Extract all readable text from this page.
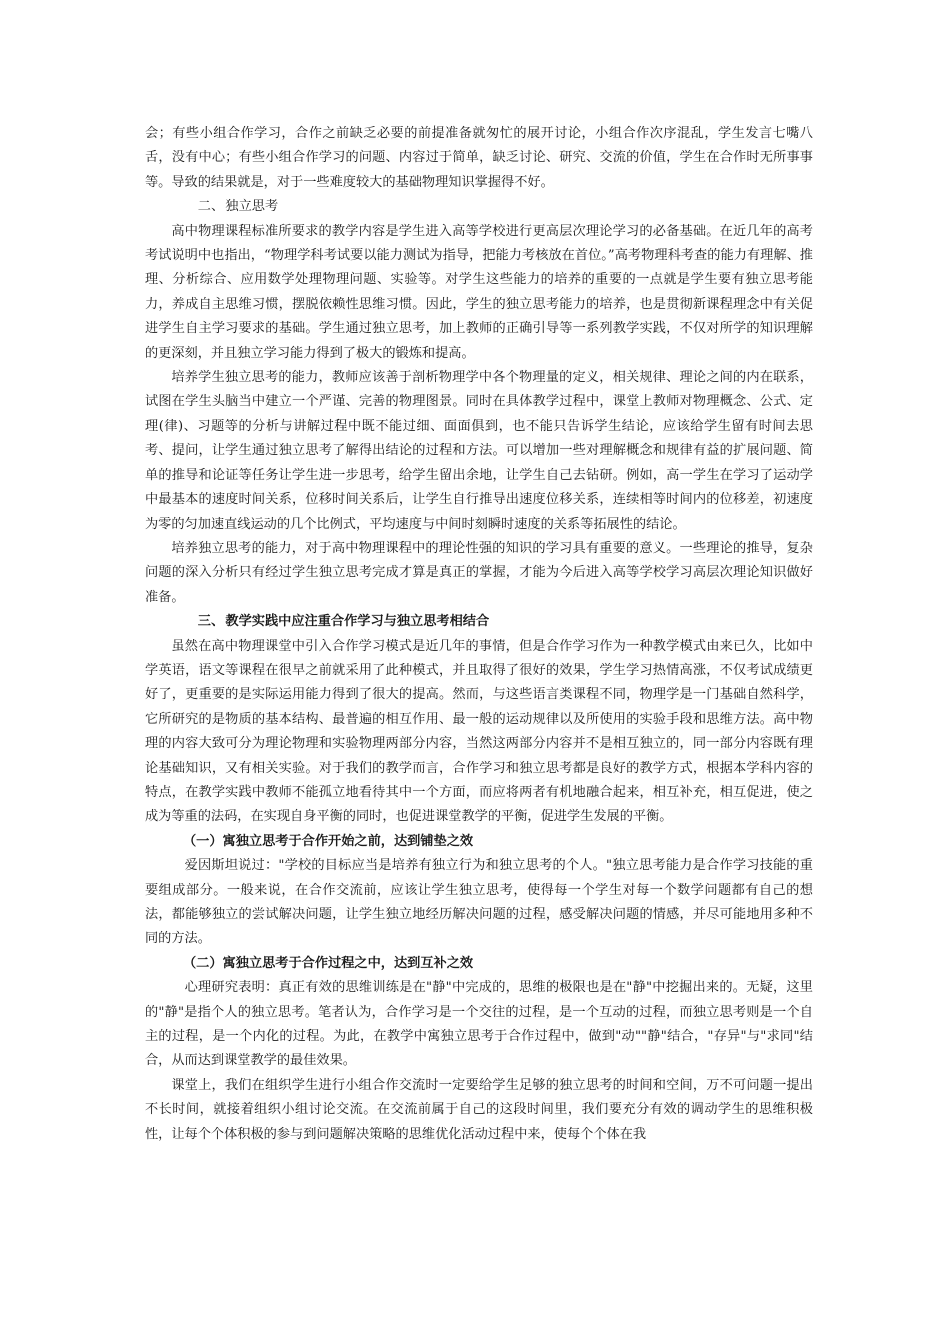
会；有些小组合作学习，合作之前缺乏必要的前提准备就匆忙的展开讨论，小组合作次序混乱，学生发言七嘴八舌，没有中心；有些小组合作学习的问题、内容过于简单，缺乏讨论、研究、交流的价值，学生在合作时无所事事等。导致的结果就是，对于一些难度较大的基础物理知识掌握得不好。

二、独立思考

高中物理课程标准所要求的教学内容是学生进入高等学校进行更高层次理论学习的必备基础。在近几年的高考考试说明中也指出，“物理学科考试要以能力测试为指导，把能力考核放在首位。”高考物理科考查的能力有理解、推理、分析综合、应用数学处理物理问题、实验等。对学生这些能力的培养的重要的一点就是学生要有独立思考能力，养成自主思维习惯，摆脱依赖性思维习惯。因此，学生的独立思考能力的培养，也是贯彻新课程理念中有关促进学生自主学习要求的基础。学生通过独立思考，加上教师的正确引导等一系列教学实践，不仅对所学的知识理解的更深刻，并且独立学习能力得到了极大的锻炼和提高。

培养学生独立思考的能力，教师应该善于剖析物理学中各个物理量的定义，相关规律、理论之间的内在联系，试图在学生头脑当中建立一个严谨、完善的物理图景。同时在具体教学过程中，课堂上教师对物理概念、公式、定理(律)、习题等的分析与讲解过程中既不能过细、面面俱到，也不能只告诉学生结论，应该给学生留有时间去思考、提问，让学生通过独立思考了解得出结论的过程和方法。可以增加一些对理解概念和规律有益的扩展问题、简单的推导和论证等任务让学生进一步思考，给学生留出余地，让学生自己去钻研。例如，高一学生在学习了运动学中最基本的速度时间关系，位移时间关系后，让学生自行推导出速度位移关系，连续相等时间内的位移差，初速度为零的匀加速直线运动的几个比例式，平均速度与中间时刻瞬时速度的关系等拓展性的结论。

培养独立思考的能力，对于高中物理课程中的理论性强的知识的学习具有重要的意义。一些理论的推导，复杂问题的深入分析只有经过学生独立思考完成才算是真正的掌握，才能为今后进入高等学校学习高层次理论知识做好准备。

三、教学实践中应注重合作学习与独立思考相结合

虽然在高中物理课堂中引入合作学习模式是近几年的事情，但是合作学习作为一种教学模式由来已久，比如中学英语，语文等课程在很早之前就采用了此种模式，并且取得了很好的效果，学生学习热情高涨，不仅考试成绩更好了，更重要的是实际运用能力得到了很大的提高。然而，与这些语言类课程不同，物理学是一门基础自然科学，它所研究的是物质的基本结构、最普遍的相互作用、最一般的运动规律以及所使用的实验手段和思维方法。高中物理的内容大致可分为理论物理和实验物理两部分内容，当然这两部分内容并不是相互独立的，同一部分内容既有理论基础知识，又有相关实验。对于我们的教学而言，合作学习和独立思考都是良好的教学方式，根据本学科内容的特点，在教学实践中教师不能孤立地看待其中一个方面，而应将两者有机地融合起来，相互补充，相互促进，使之成为等重的法码，在实现自身平衡的同时，也促进课堂教学的平衡，促进学生发展的平衡。

（一）寓独立思考于合作开始之前，达到铺垫之效

爱因斯坦说过："学校的目标应当是培养有独立行为和独立思考的个人。"独立思考能力是合作学习技能的重要组成部分。一般来说，在合作交流前，应该让学生独立思考，使得每一个学生对每一个数学问题都有自己的想法，都能够独立的尝试解决问题，让学生独立地经历解决问题的过程，感受解决问题的情感，并尽可能地用多种不同的方法。

（二）寓独立思考于合作过程之中，达到互补之效

心理研究表明：真正有效的思维训练是在"静"中完成的，思维的极限也是在"静"中挖掘出来的。无疑，这里的"静"是指个人的独立思考。笔者认为，合作学习是一个交往的过程，是一个互动的过程，而独立思考则是一个自主的过程，是一个内化的过程。为此，在教学中寓独立思考于合作过程中，做到"动""静"结合，"存异"与"求同"结合，从而达到课堂教学的最佳效果。

课堂上，我们在组织学生进行小组合作交流时一定要给学生足够的独立思考的时间和空间，万不可问题一提出不长时间，就接着组织小组讨论交流。在交流前属于自己的这段时间里，我们要充分有效的调动学生的思维积极性，让每个个体积极的参与到问题解决策略的思维优化活动过程中来，使每个个体在我
